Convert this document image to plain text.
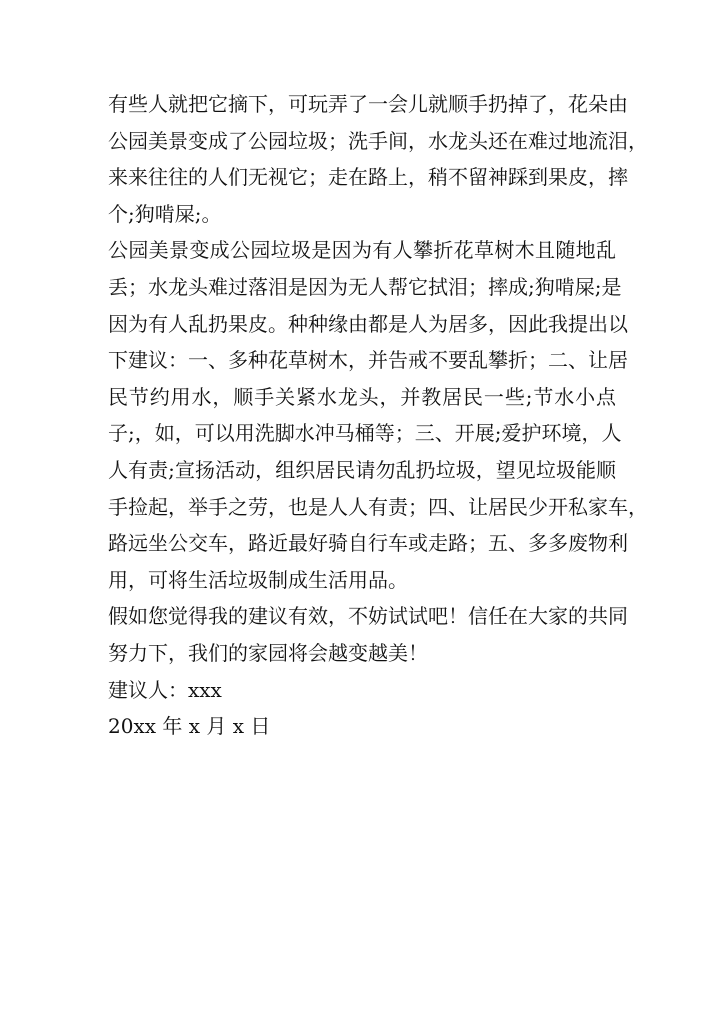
有些人就把它摘下，可玩弄了一会儿就顺手扔掉了，花朵由
公园美景变成了公园垃圾；洗手间，水龙头还在难过地流泪，
来来往往的人们无视它；走在路上，稍不留神踩到果皮，摔
个;狗啃屎;。
公园美景变成公园垃圾是因为有人攀折花草树木且随地乱
丢；水龙头难过落泪是因为无人帮它拭泪；摔成;狗啃屎;是
因为有人乱扔果皮。种种缘由都是人为居多，因此我提出以
下建议：一、多种花草树木，并告戒不要乱攀折；二、让居
民节约用水，顺手关紧水龙头，并教居民一些;节水小点
子;，如，可以用洗脚水冲马桶等；三、开展;爱护环境，人
人有责;宣扬活动，组织居民请勿乱扔垃圾，望见垃圾能顺
手捡起，举手之劳，也是人人有责；四、让居民少开私家车，
路远坐公交车，路近最好骑自行车或走路；五、多多废物利
用，可将生活垃圾制成生活用品。
假如您觉得我的建议有效，不妨试试吧！信任在大家的共同
努力下，我们的家园将会越变越美！
建议人：xxx
20xx 年 x 月 x 日
